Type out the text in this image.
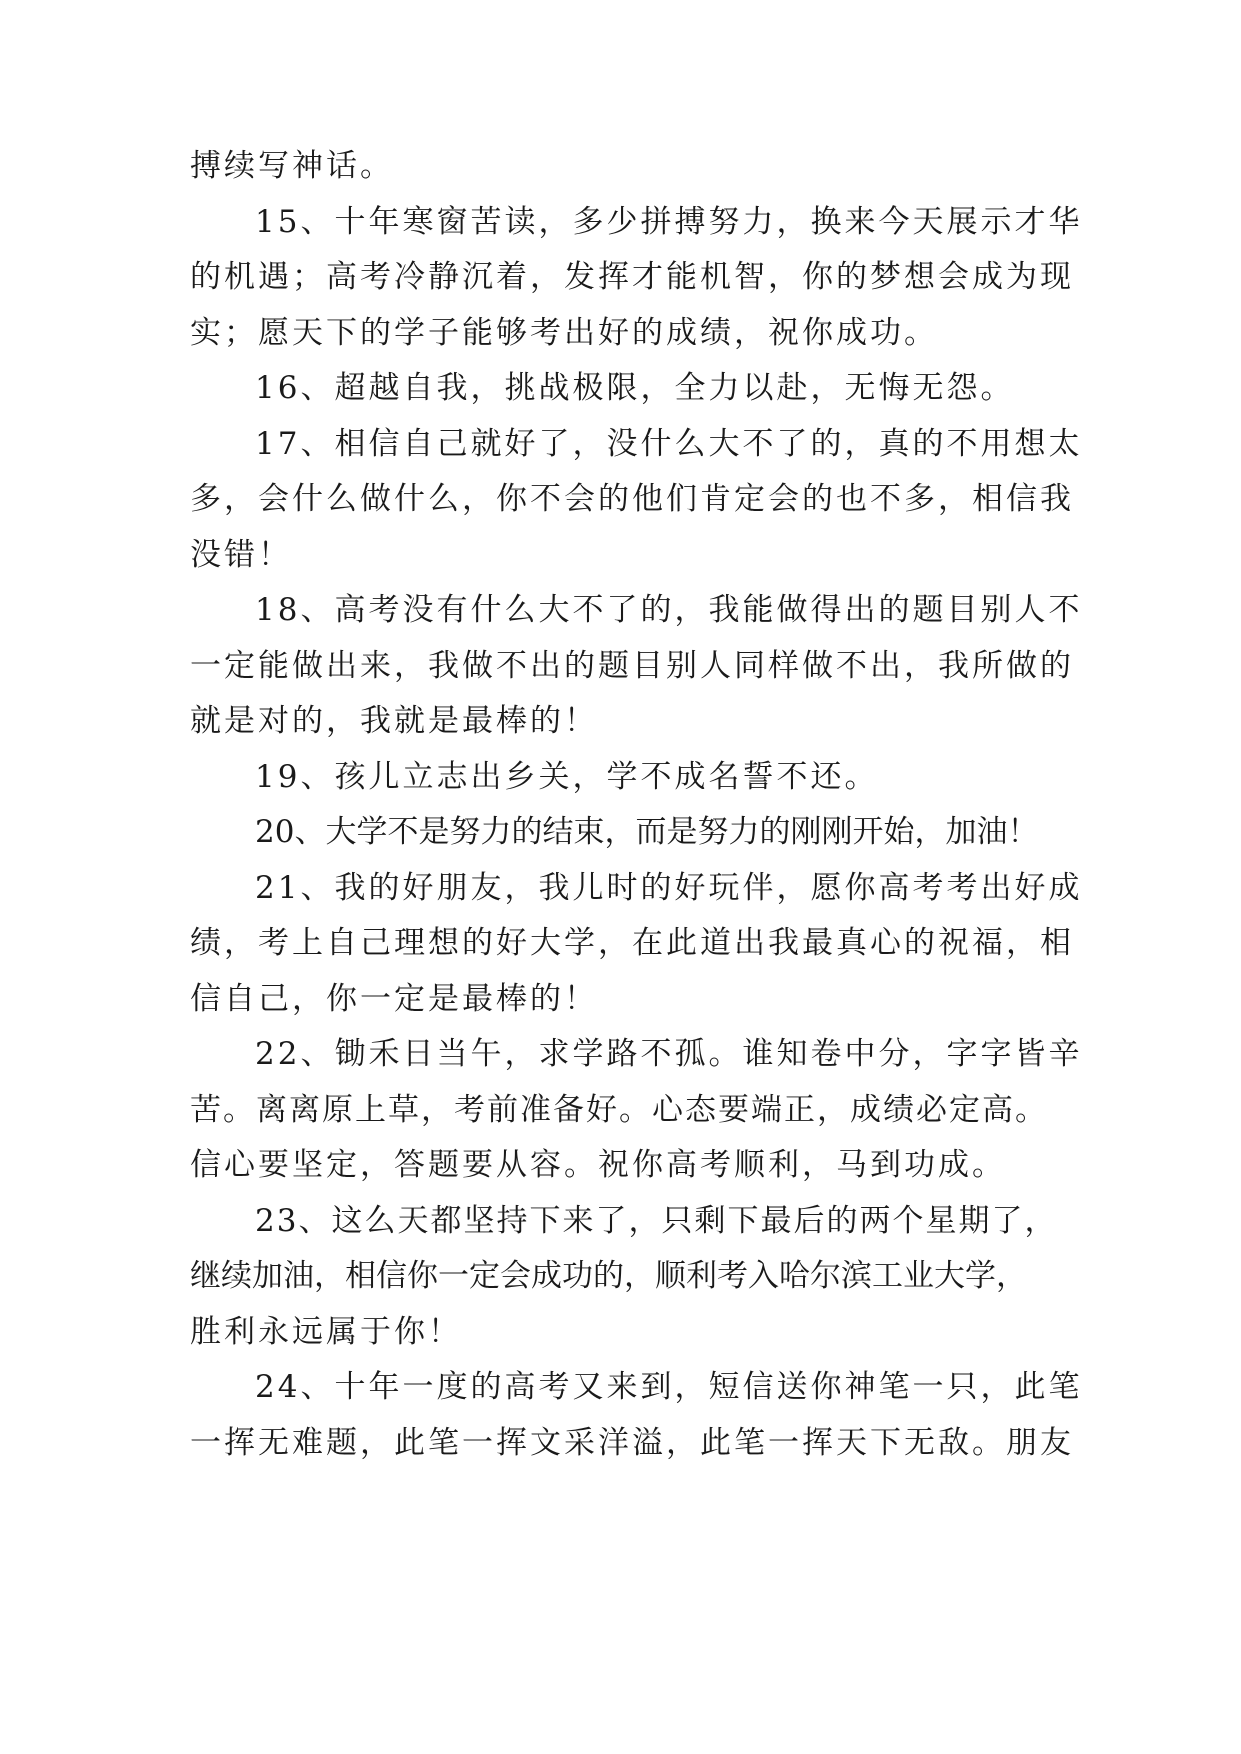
搏续写神话。
15、十年寒窗苦读，多少拼搏努力，换来今天展示才华
的机遇；高考冷静沉着，发挥才能机智，你的梦想会成为现
实；愿天下的学子能够考出好的成绩，祝你成功。
16、超越自我，挑战极限，全力以赴，无悔无怨。
17、相信自己就好了，没什么大不了的，真的不用想太
多，会什么做什么，你不会的他们肯定会的也不多，相信我
没错！
18、高考没有什么大不了的，我能做得出的题目别人不
一定能做出来，我做不出的题目别人同样做不出，我所做的
就是对的，我就是最棒的！
19、孩儿立志出乡关，学不成名誓不还。
20、大学不是努力的结束，而是努力的刚刚开始，加油！
21、我的好朋友，我儿时的好玩伴，愿你高考考出好成
绩，考上自己理想的好大学，在此道出我最真心的祝福，相
信自己，你一定是最棒的！
22、锄禾日当午，求学路不孤。谁知卷中分，字字皆辛
苦。离离原上草，考前准备好。心态要端正，成绩必定高。
信心要坚定，答题要从容。祝你高考顺利，马到功成。
23、这么天都坚持下来了，只剩下最后的两个星期了，
继续加油，相信你一定会成功的，顺利考入哈尔滨工业大学，
胜利永远属于你！
24、十年一度的高考又来到，短信送你神笔一只，此笔
一挥无难题，此笔一挥文采洋溢，此笔一挥天下无敌。朋友
